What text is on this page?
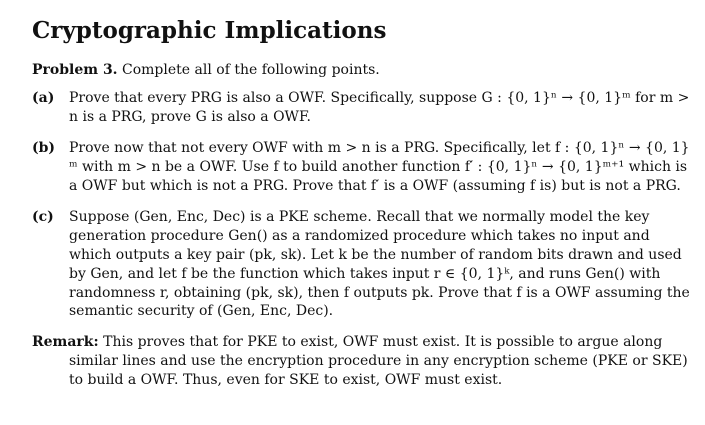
Cryptographic Implications
Problem 3. Complete all of the following points.
(a)	Prove that every PRG is also a OWF. Specifically, suppose G : {0, 1}ⁿ → {0, 1}ᵐ for m > n is a PRG, prove G is also a OWF.
(b) Prove now that not every OWF with m > n is a PRG. Specifically, let f : {0, 1}ⁿ → {0, 1}ᵐ with m > n be a OWF. Use f to build another function f′ : {0, 1}ⁿ → {0, 1}ᵐ⁺¹ which is a OWF but which is not a PRG. Prove that f′ is a OWF (assuming f is) but is not a PRG.
(c)	Suppose (Gen, Enc, Dec) is a PKE scheme. Recall that we normally model the key generation procedure Gen() as a randomized procedure which takes no input and which outputs a key pair (pk, sk). Let k be the number of random bits drawn and used by Gen, and let f be the function which takes input r ∈ {0, 1}ᵏ, and runs Gen() with randomness r, obtaining (pk, sk), then f outputs pk. Prove that f is a OWF assuming the semantic security of (Gen, Enc, Dec).
Remark: This proves that for PKE to exist, OWF must exist. It is possible to argue along similar lines and use the encryption procedure in any encryption scheme (PKE or SKE) to build a OWF. Thus, even for SKE to exist, OWF must exist.
